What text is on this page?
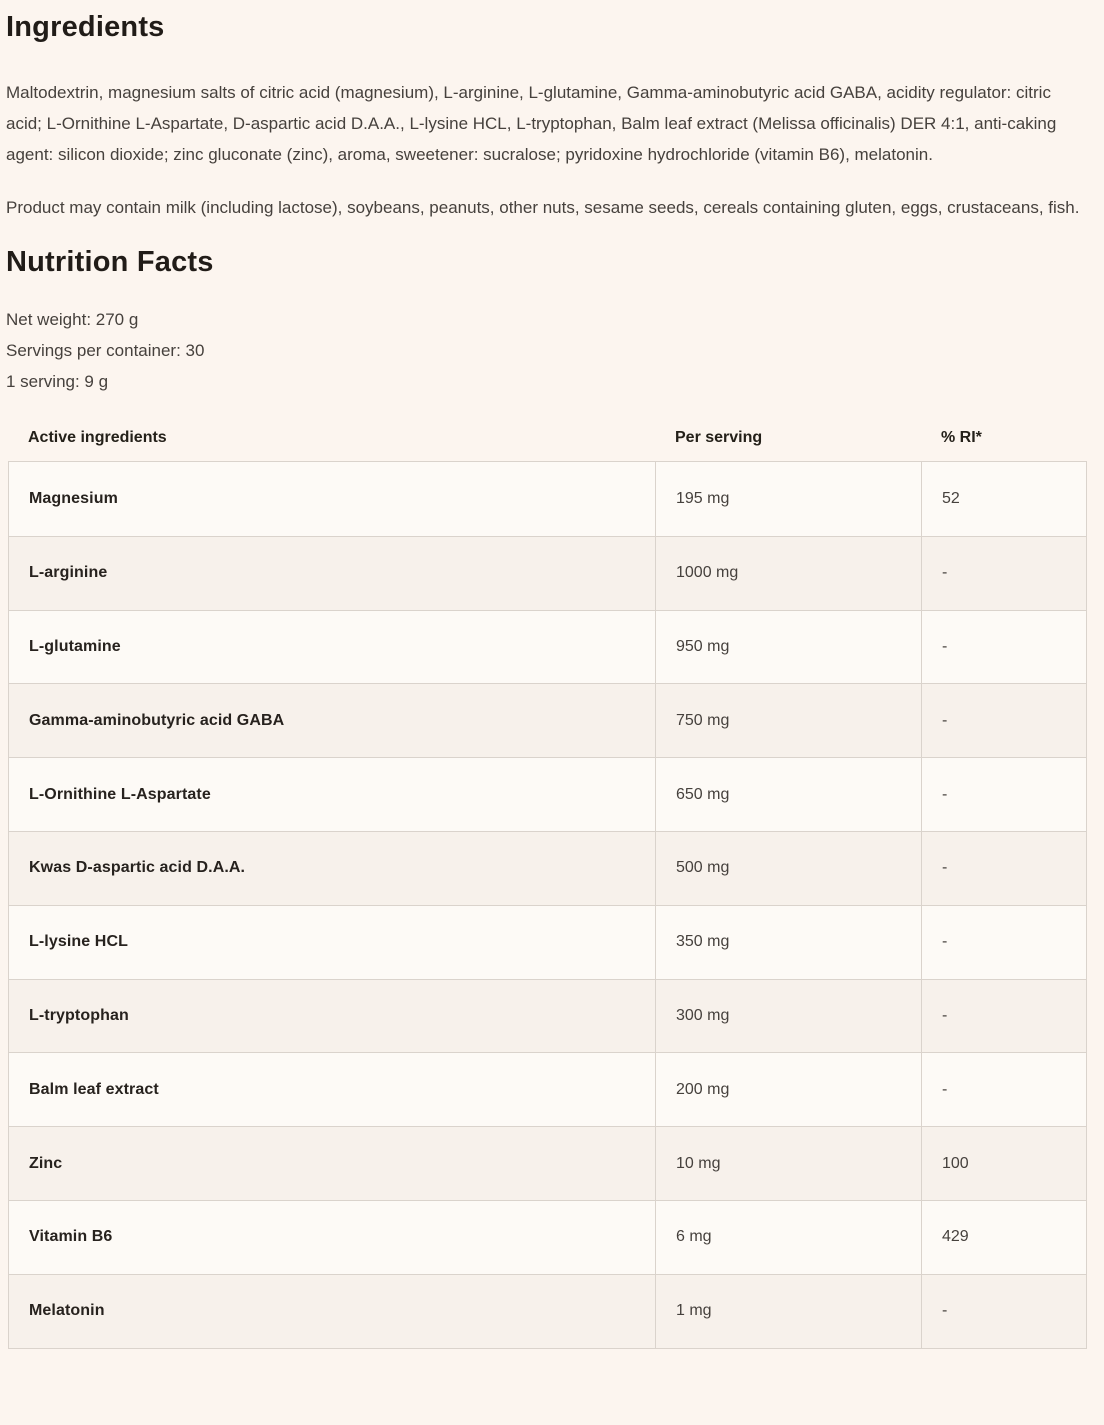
Ingredients

Maltodextrin, magnesium salts of citric acid (magnesium), L-arginine, L-glutamine, Gamma-aminobutyric acid GABA, acidity regulator: citric acid; L-Ornithine L-Aspartate, D-aspartic acid D.A.A., L-lysine HCL, L-tryptophan, Balm leaf extract (Melissa officinalis) DER 4:1, anti-caking agent: silicon dioxide; zinc gluconate (zinc), aroma, sweetener: sucralose; pyridoxine hydrochloride (vitamin B6), melatonin.

Product may contain milk (including lactose), soybeans, peanuts, other nuts, sesame seeds, cereals containing gluten, eggs, crustaceans, fish.

Nutrition Facts
Net weight: 270 g
Servings per container: 30
1 serving: 9 g
Active ingredients	Per serving	% RI*
Magnesium	195 mg	52
L-arginine	1000 mg	-
L-glutamine	950 mg	-
Gamma-aminobutyric acid GABA	750 mg	-
L-Ornithine L-Aspartate	650 mg	-
Kwas D-aspartic acid D.A.A.	500 mg	-
L-lysine HCL	350 mg	-
L-tryptophan	300 mg	-
Balm leaf extract	200 mg	-
Zinc	10 mg	100
Vitamin B6	6 mg	429
Melatonin	1 mg	-
